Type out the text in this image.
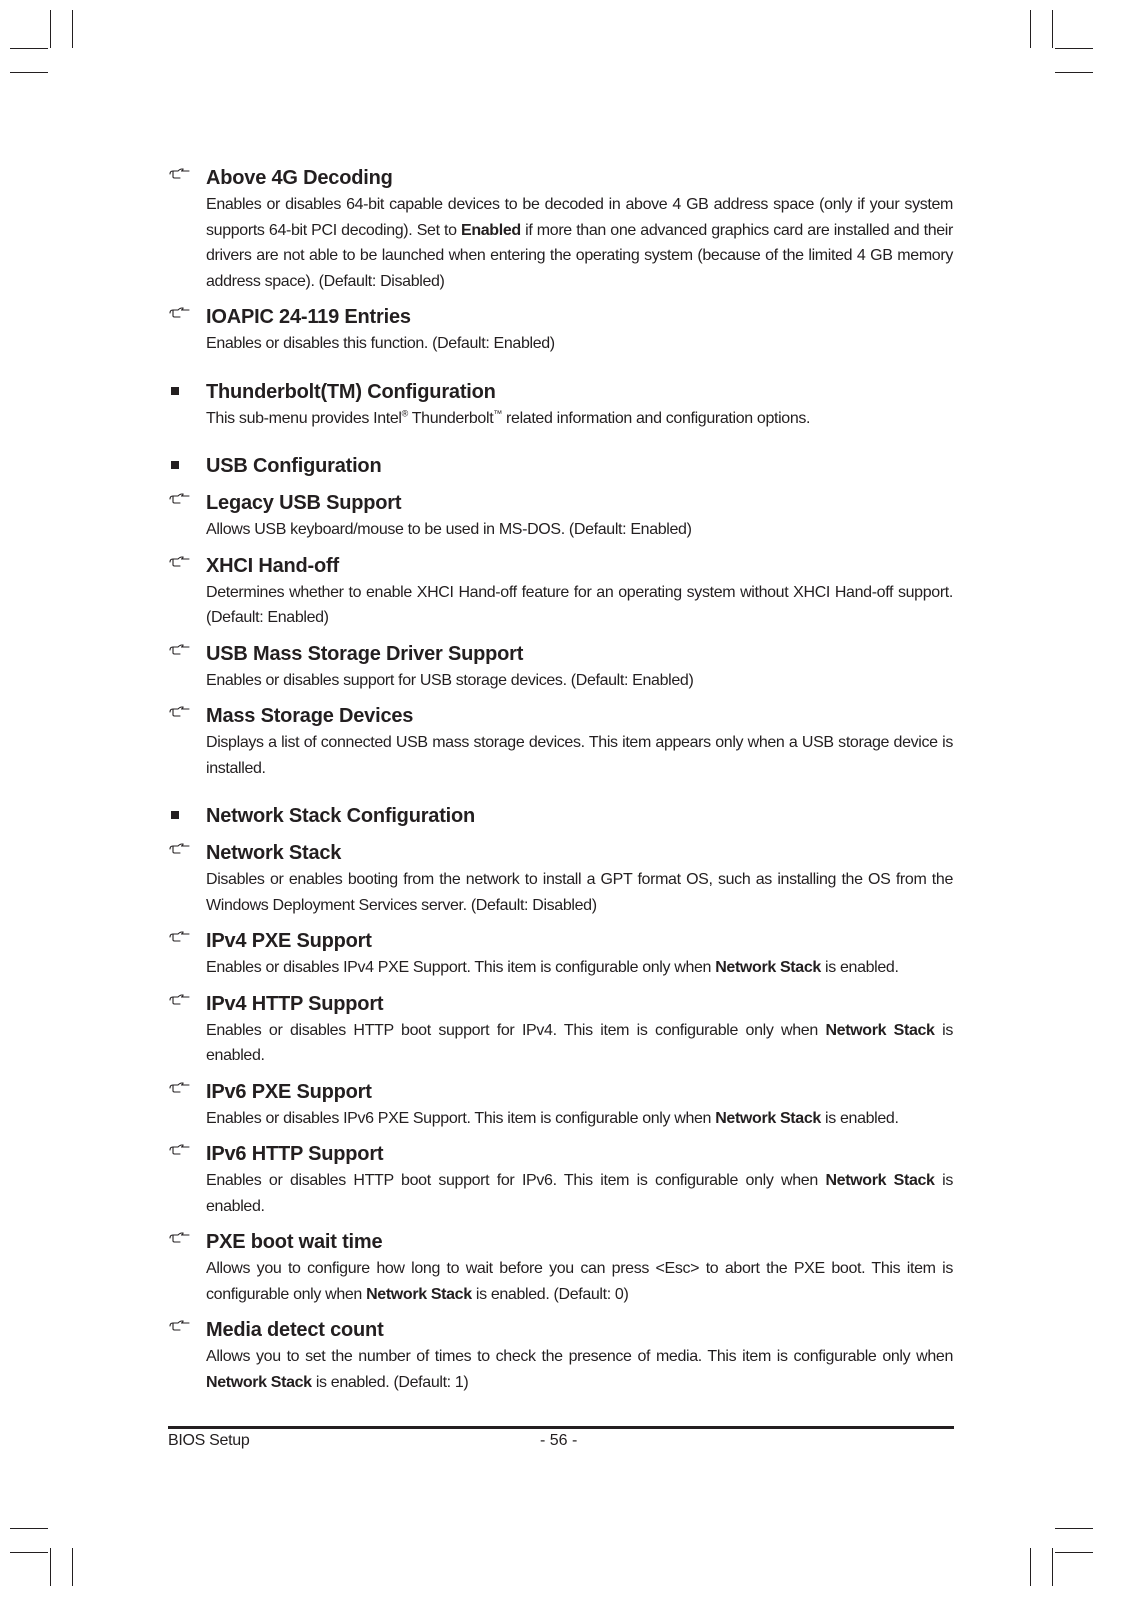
Above 4G Decoding
Enables or disables 64-bit capable devices to be decoded in above 4 GB address space (only if your system supports 64-bit PCI decoding). Set to Enabled if more than one advanced graphics card are installed and their drivers are not able to be launched when entering the operating system (because of the limited 4 GB memory address space). (Default: Disabled)
IOAPIC 24-119 Entries
Enables or disables this function. (Default: Enabled)
Thunderbolt(TM) Configuration
This sub-menu provides Intel® Thunderbolt™ related information and configuration options.
USB Configuration
Legacy USB Support
Allows USB keyboard/mouse to be used in MS-DOS. (Default: Enabled)
XHCI Hand-off
Determines whether to enable XHCI Hand-off feature for an operating system without XHCI Hand-off support. (Default: Enabled)
USB Mass Storage Driver Support
Enables or disables support for USB storage devices. (Default: Enabled)
Mass Storage Devices
Displays a list of connected USB mass storage devices. This item appears only when a USB storage device is installed.
Network Stack Configuration
Network Stack
Disables or enables booting from the network to install a GPT format OS, such as installing the OS from the Windows Deployment Services server. (Default: Disabled)
IPv4 PXE Support
Enables or disables IPv4 PXE Support. This item is configurable only when Network Stack is enabled.
IPv4 HTTP Support
Enables or disables HTTP boot support for IPv4. This item is configurable only when Network Stack is enabled.
IPv6 PXE Support
Enables or disables IPv6 PXE Support. This item is configurable only when Network Stack is enabled.
IPv6 HTTP Support
Enables or disables HTTP boot support for IPv6. This item is configurable only when Network Stack is enabled.
PXE boot wait time
Allows you to configure how long to wait before you can press <Esc> to abort the PXE boot. This item is configurable only when Network Stack is enabled. (Default: 0)
Media detect count
Allows you to set the number of times to check the presence of media. This item is configurable only when Network Stack is enabled. (Default: 1)
BIOS Setup	- 56 -
